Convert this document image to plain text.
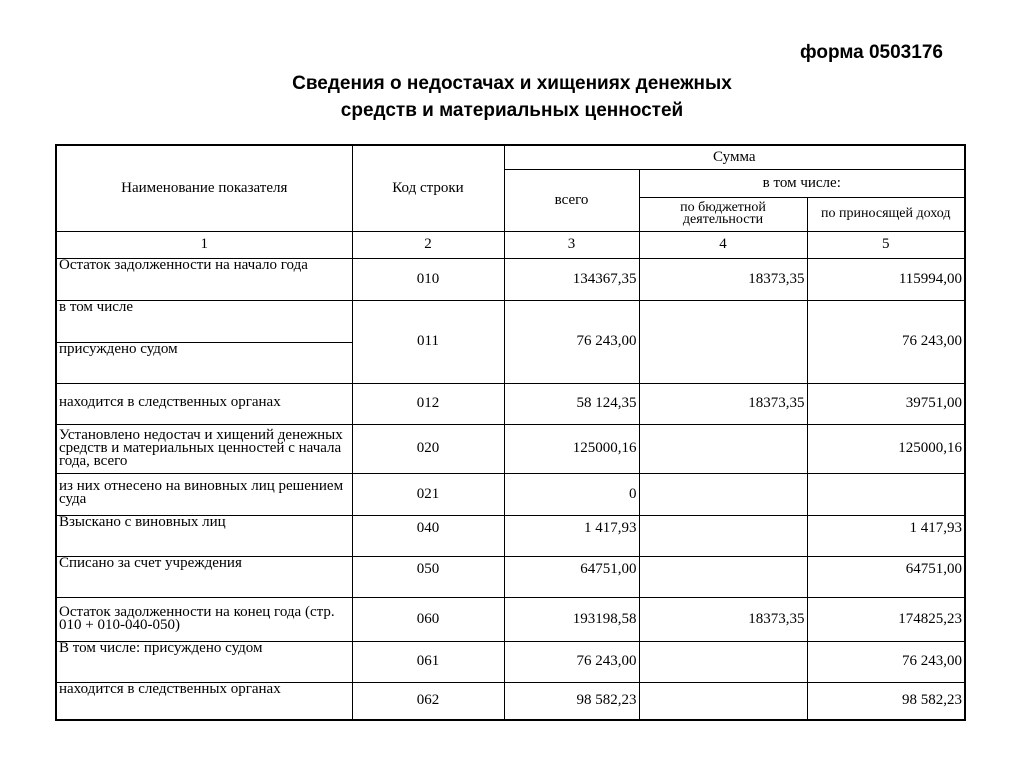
форма 0503176
Сведения о недостачах и хищениях денежных
средств и материальных ценностей
Наименование показателя	Код строки	Сумма		
		всего	в том числе:	
			по бюджетной деятельности	по приносящей доход
1	2	3	4	5
Остаток задолженности на начало года	010	134367,35	18373,35	115994,00
в том числе	011	76 243,00		76 243,00
присуждено судом				
находится в следственных органах	012	58 124,35	18373,35	39751,00
Установлено недостач и хищений денежных средств и материальных ценностей с начала года, всего	020	125000,16		125000,16
из них отнесено на виновных лиц решением суда	021	0		
Взыскано с виновных лиц	040	1 417,93		1 417,93
Списано за счет учреждения	050	64751,00		64751,00
Остаток задолженности на конец года (стр. 010 + 010-040-050)	060	193198,58	18373,35	174825,23
В том числе: присуждено судом	061	76 243,00		76 243,00
находится в следственных органах	062	98 582,23		98 582,23
